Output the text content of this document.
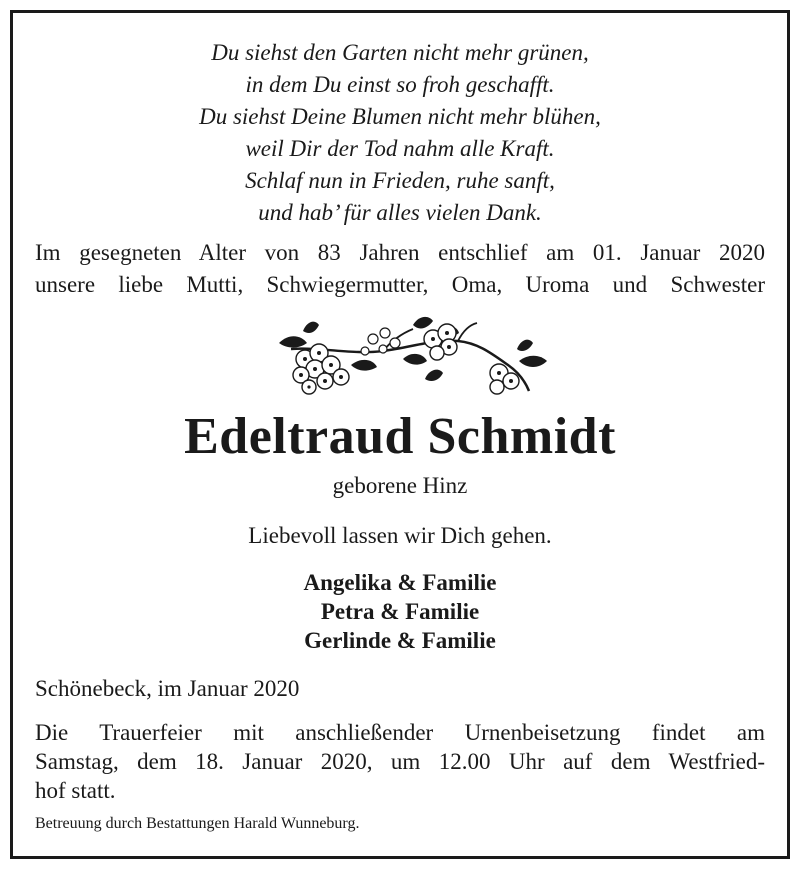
Du siehst den Garten nicht mehr grünen,
in dem Du einst so froh geschafft.
Du siehst Deine Blumen nicht mehr blühen,
weil Dir der Tod nahm alle Kraft.
Schlaf nun in Frieden, ruhe sanft,
und hab’ für alles vielen Dank.
Im gesegneten Alter von 83 Jahren entschlief am 01. Januar 2020
unsere liebe Mutti, Schwiegermutter, Oma, Uroma und Schwester
Edeltraud Schmidt
geborene Hinz
Liebevoll lassen wir Dich gehen.
Angelika & Familie
Petra & Familie
Gerlinde & Familie
Schönebeck, im Januar 2020
Die Trauerfeier mit anschließender Urnenbeisetzung findet am
Samstag, dem 18. Januar 2020, um 12.00 Uhr auf dem Westfried-
hof statt.
Betreuung durch Bestattungen Harald Wunneburg.
